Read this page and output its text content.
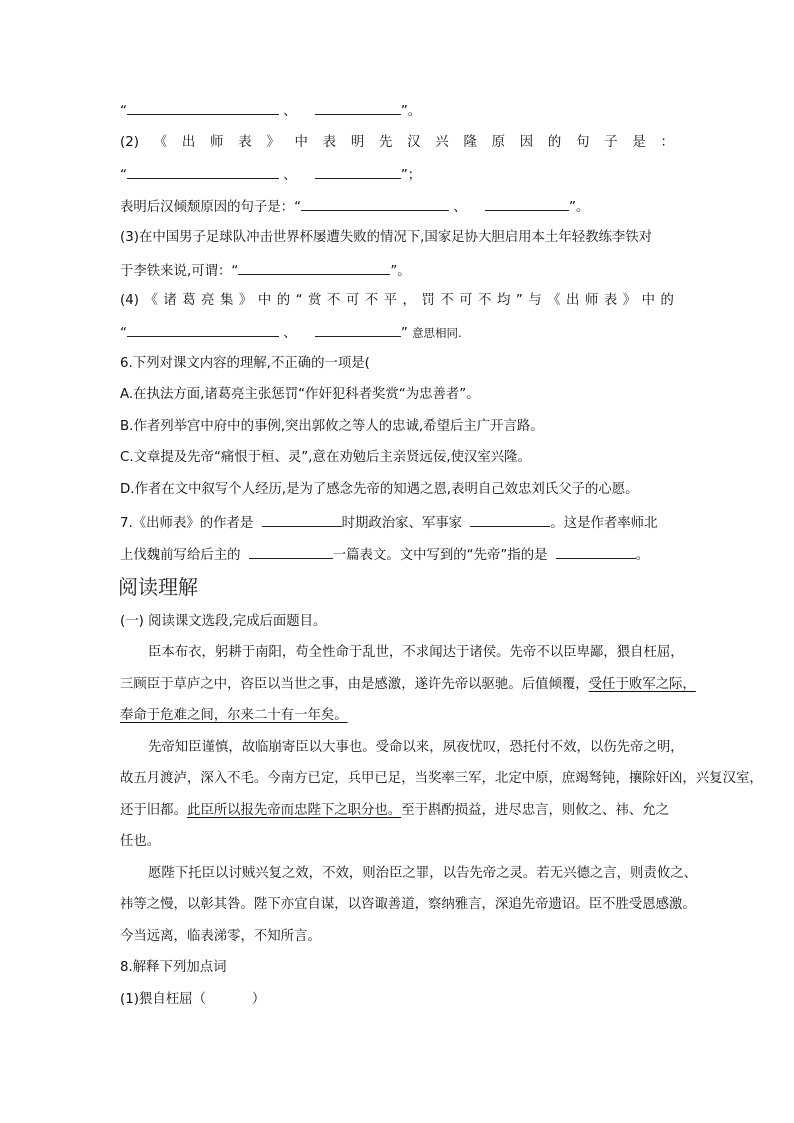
“	、	”。
(2) 《 出 师 表 》 中 表 明 先 汉 兴 隆 原 因 的 句 子 是 ：
“	、	”；
表明后汉倾颓原因的句子是：“	、	”。
(3)在中国男子足球队冲击世界杯屡遭失败的情况下,国家足协大胆启用本土年轻教练李铁对
于李铁来说,可谓：“	”。
(4) 《 诸 葛 亮 集 》 中 的 “ 赏 不 可 不 平 ， 罚 不 可 不 均 ” 与 《 出 师 表 》 中 的
“	、	” 意思相同.
6.下列对课文内容的理解,不正确的一项是(
A.在执法方面,诸葛亮主张惩罚“作奸犯科者奖赏“为忠善者”。
B.作者列举宫中府中的事例,突出郭攸之等人的忠诚,希望后主广开言路。
C.文章提及先帝“痛恨于桓、灵”,意在劝勉后主亲贤远佞,使汉室兴隆。
D.作者在文中叙写个人经历,是为了感念先帝的知遇之恩,表明自己效忠刘氏父子的心愿。
7.《出师表》的作者是	时期政治家、军事家	。这是作者率师北
上伐魏前写给后主的	一篇表文。文中写到的“先帝”指的是	。
阅读理解
(一) 阅读课文选段,完成后面题目。
臣本布衣，躬耕于南阳，苟全性命于乱世，不求闻达于诸侯。先帝不以臣卑鄙，猥自枉屈，
三顾臣于草庐之中，咨臣以当世之事，由是感激，遂许先帝以驱驰。后值倾覆，受任于败军之际，
奉命于危难之间，尔来二十有一年矣。
先帝知臣谨慎，故临崩寄臣以大事也。受命以来，夙夜忧叹，恐托付不效，以伤先帝之明，
故五月渡泸，深入不毛。今南方已定，兵甲已足，当奖率三军，北定中原，庶竭驽钝，攘除奸凶，兴复汉室，
还于旧都。此臣所以报先帝而忠陛下之职分也。至于斟酌损益，进尽忠言，则攸之、祎、允之
任也。
愿陛下托臣以讨贼兴复之效，不效，则治臣之罪，以告先帝之灵。若无兴德之言，则责攸之、
祎等之慢，以彰其咎。陛下亦宜自谋，以咨诹善道，察纳雅言，深追先帝遗诏。臣不胜受恩感激。
今当远离，临表涕零，不知所言。
8.解释下列加点词
(1)猥自枉屈（	）
